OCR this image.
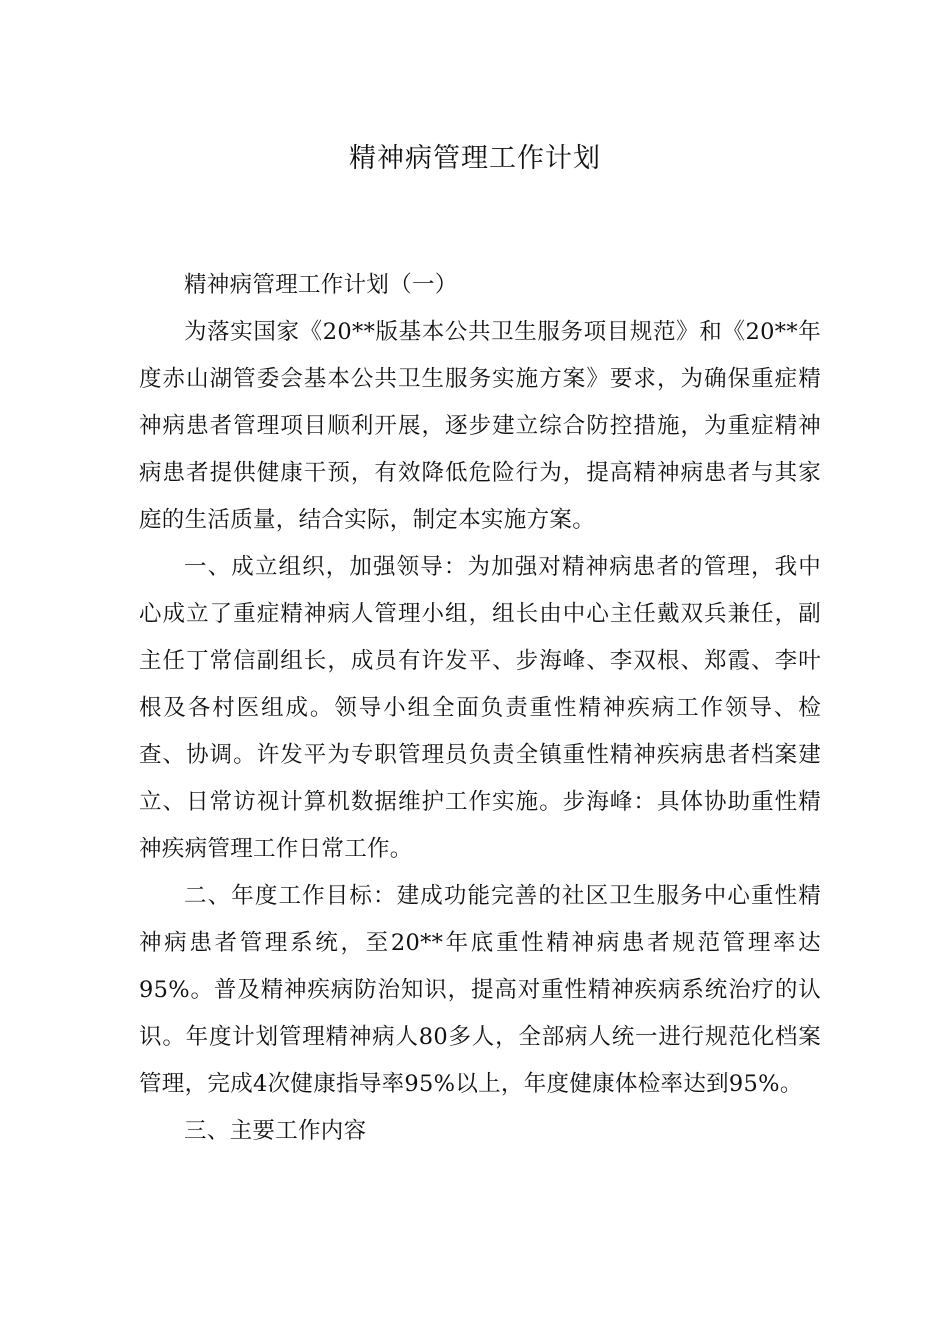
精神病管理工作计划

精神病管理工作计划（一）

为落实国家《20**版基本公共卫生服务项目规范》和《20**年度赤山湖管委会基本公共卫生服务实施方案》要求，为确保重症精神病患者管理项目顺利开展，逐步建立综合防控措施，为重症精神病患者提供健康干预，有效降低危险行为，提高精神病患者与其家庭的生活质量，结合实际，制定本实施方案。

一、成立组织，加强领导：为加强对精神病患者的管理，我中心成立了重症精神病人管理小组，组长由中心主任戴双兵兼任，副主任丁常信副组长，成员有许发平、步海峰、李双根、郑霞、李叶根及各村医组成。领导小组全面负责重性精神疾病工作领导、检查、协调。许发平为专职管理员负责全镇重性精神疾病患者档案建立、日常访视计算机数据维护工作实施。步海峰：具体协助重性精神疾病管理工作日常工作。

二、年度工作目标：建成功能完善的社区卫生服务中心重性精神病患者管理系统，至20**年底重性精神病患者规范管理率达95%。普及精神疾病防治知识，提高对重性精神疾病系统治疗的认识。年度计划管理精神病人80多人，全部病人统一进行规范化档案管理，完成4次健康指导率95%以上，年度健康体检率达到95%。

三、主要工作内容
